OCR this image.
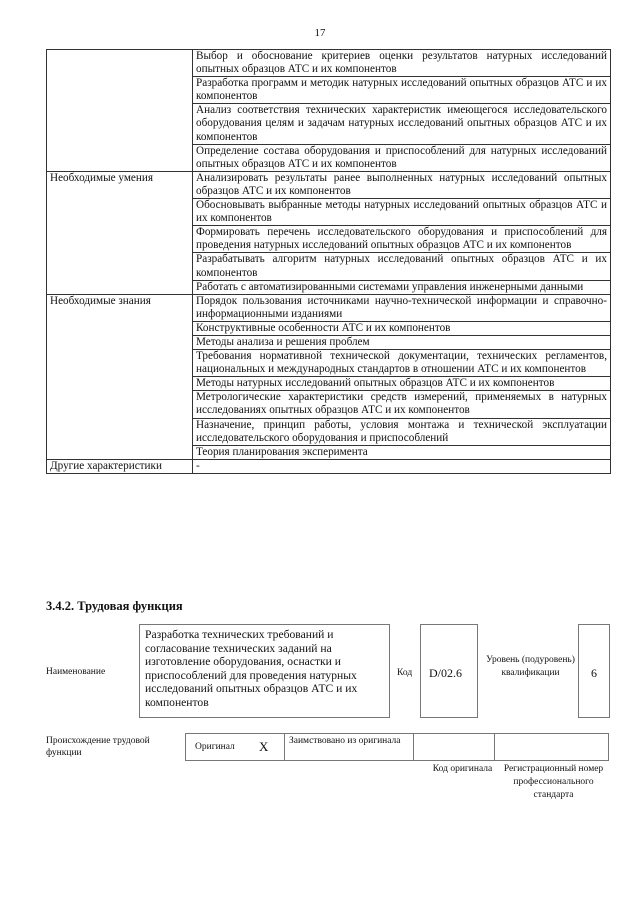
17
	Выбор и обоснование критериев оценки результатов натурных исследований опытных образцов АТС и их компонентов
	Разработка программ и методик натурных исследований опытных образцов АТС и их компонентов
	Анализ соответствия технических характеристик имеющегося исследовательского оборудования целям и задачам натурных исследований опытных образцов АТС и их компонентов
	Определение состава оборудования и приспособлений для натурных исследований опытных образцов АТС и их компонентов
Необходимые умения	Анализировать результаты ранее выполненных натурных исследований опытных образцов АТС и их компонентов
	Обосновывать выбранные методы натурных исследований опытных образцов АТС и их компонентов
	Формировать перечень исследовательского оборудования и приспособлений для проведения натурных исследований опытных образцов АТС и их компонентов
	Разрабатывать алгоритм натурных исследований опытных образцов АТС и их компонентов
	Работать с автоматизированными системами управления инженерными данными
Необходимые знания	Порядок пользования источниками научно-технической информации и справочно-информационными изданиями
	Конструктивные особенности АТС и их компонентов
	Методы анализа и решения проблем
	Требования нормативной технической документации, технических регламентов, национальных и международных стандартов в отношении АТС и их компонентов
	Методы натурных исследований опытных образцов АТС и их компонентов
	Метрологические характеристики средств измерений, применяемых в натурных исследованиях опытных образцов АТС и их компонентов
	Назначение, принцип работы, условия монтажа и технической эксплуатации исследовательского оборудования и приспособлений
	Теория планирования эксперимента
Другие характеристики	-
3.4.2. Трудовая функция
Наименование
Разработка технических требований и согласование технических заданий на изготовление оборудования, оснастки и приспособлений для проведения натурных исследований опытных образцов АТС и их компонентов
Код	D/02.6
Уровень (подуровень) квалификации	6
Происхождение трудовой функции
Оригинал X	Заимствовано из оригинала
Код оригинала	Регистрационный номер профессионального стандарта
